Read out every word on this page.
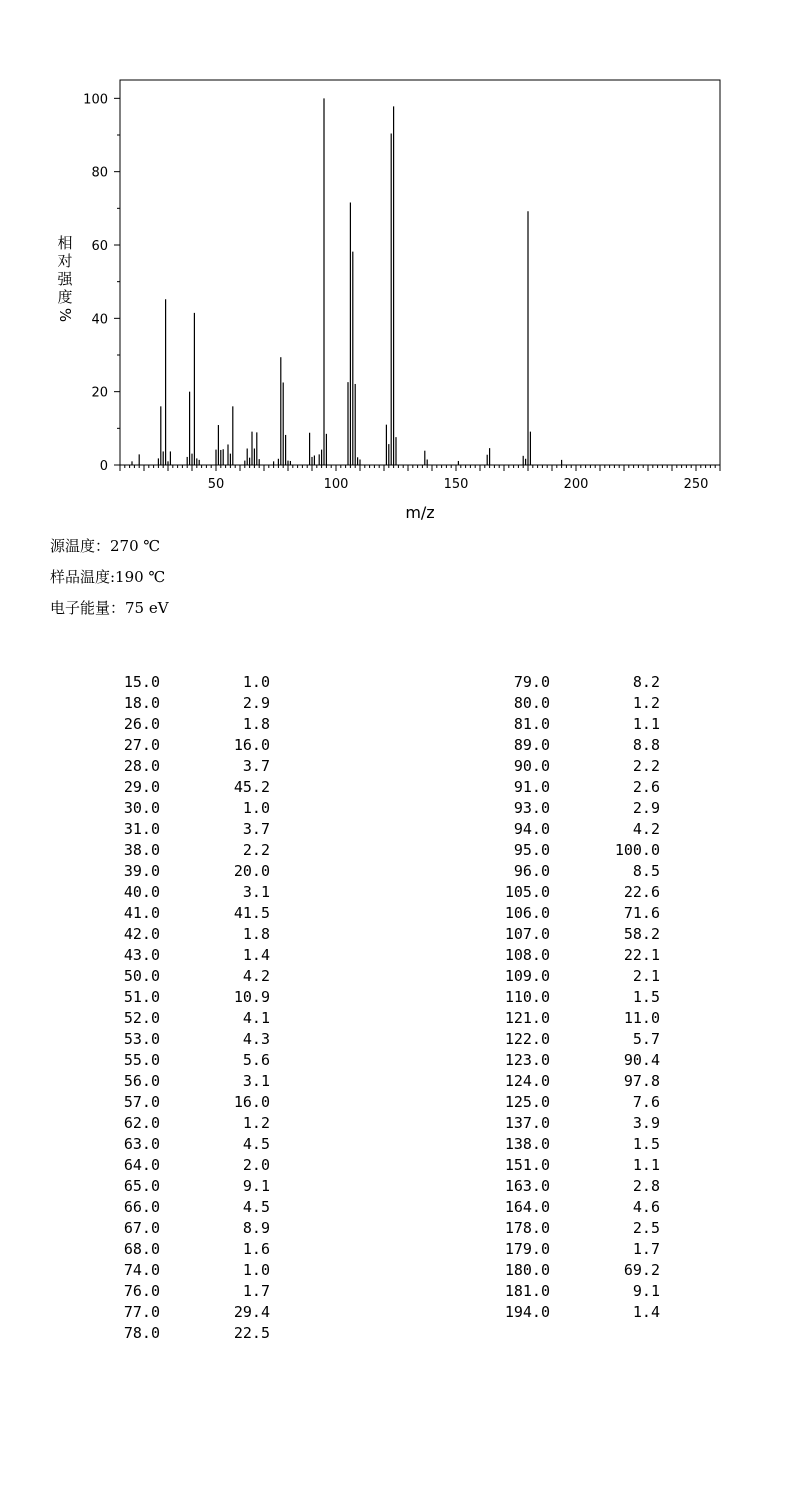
50	100	150	200	250
0
20
40
60
80
100
m/z
相
对
强
度
%
源温度：270 ℃
样品温度:190 ℃
电子能量：75 eV
15.0	1.0
18.0	2.9
26.0	1.8
27.0	16.0
28.0	3.7
29.0	45.2
30.0	1.0
31.0	3.7
38.0	2.2
39.0	20.0
40.0	3.1
41.0	41.5
42.0	1.8
43.0	1.4
50.0	4.2
51.0	10.9
52.0	4.1
53.0	4.3
55.0	5.6
56.0	3.1
57.0	16.0
62.0	1.2
63.0	4.5
64.0	2.0
65.0	9.1
66.0	4.5
67.0	8.9
68.0	1.6
74.0	1.0
76.0	1.7
77.0	29.4
78.0	22.5
79.0	8.2
80.0	1.2
81.0	1.1
89.0	8.8
90.0	2.2
91.0	2.6
93.0	2.9
94.0	4.2
95.0	100.0
96.0	8.5
105.0	22.6
106.0	71.6
107.0	58.2
108.0	22.1
109.0	2.1
110.0	1.5
121.0	11.0
122.0	5.7
123.0	90.4
124.0	97.8
125.0	7.6
137.0	3.9
138.0	1.5
151.0	1.1
163.0	2.8
164.0	4.6
178.0	2.5
179.0	1.7
180.0	69.2
181.0	9.1
194.0	1.4
